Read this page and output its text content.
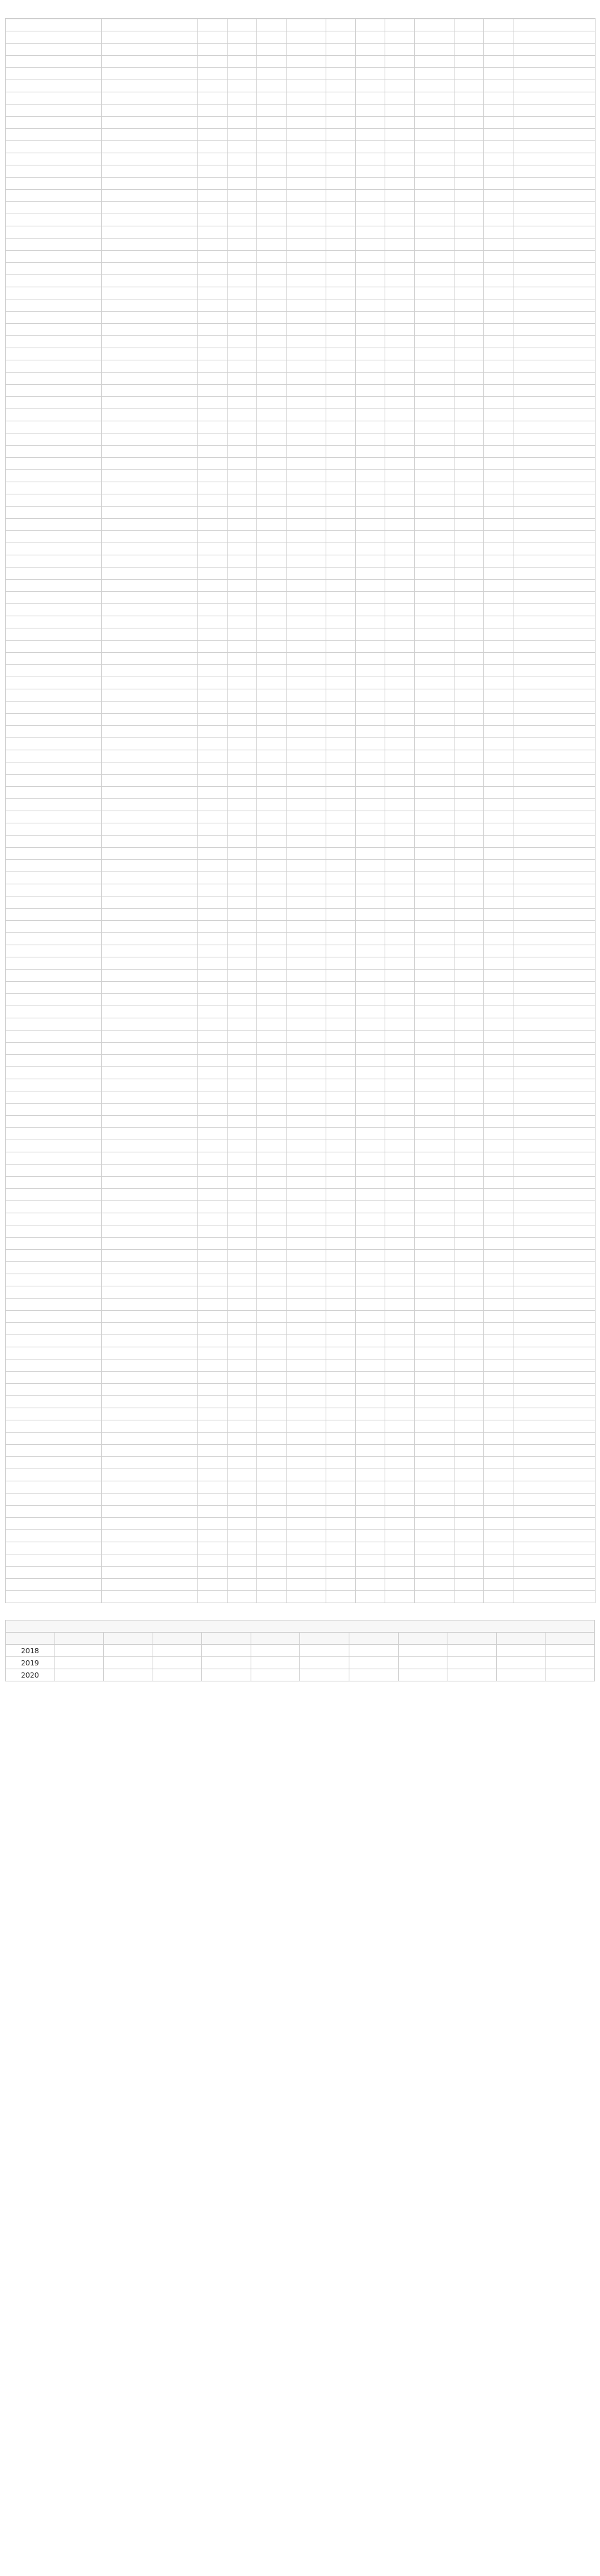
2018											
2019											
2020											
